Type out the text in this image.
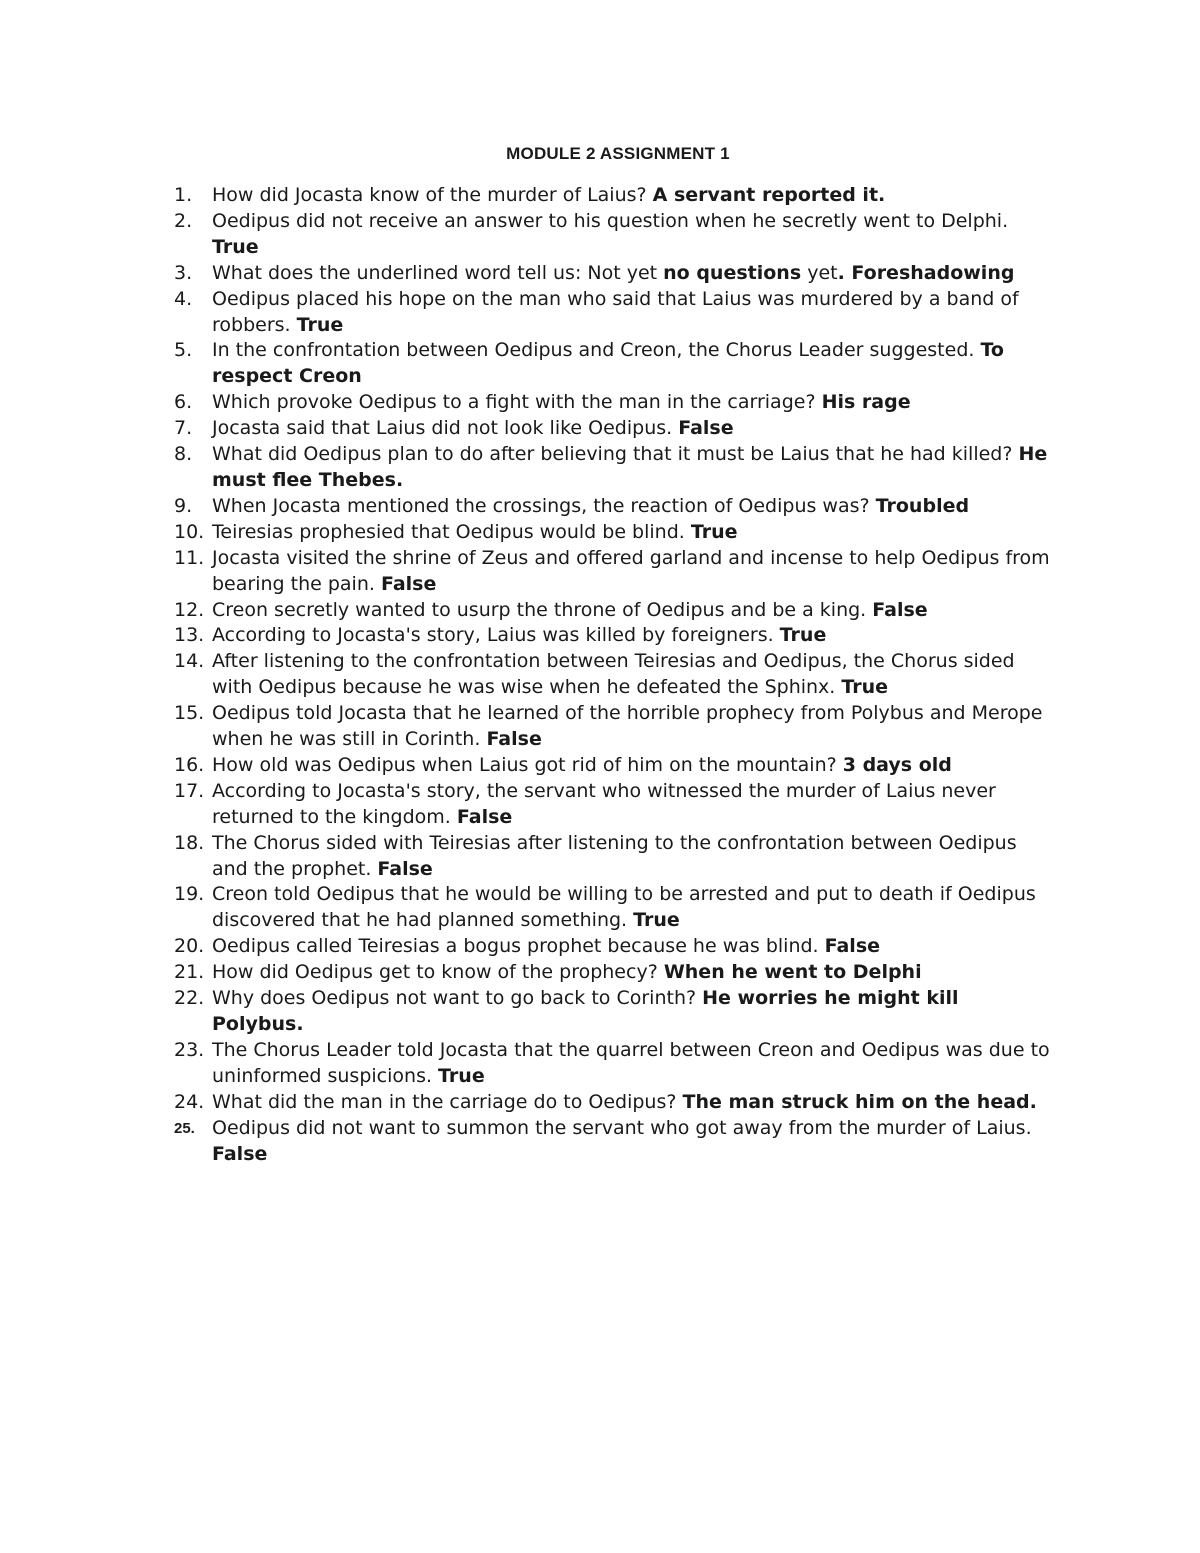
MODULE 2 ASSIGNMENT 1
1. How did Jocasta know of the murder of Laius? A servant reported it.
2. Oedipus did not receive an answer to his question when he secretly went to Delphi. True
3. What does the underlined word tell us: Not yet no questions yet. Foreshadowing
4. Oedipus placed his hope on the man who said that Laius was murdered by a band of robbers. True
5. In the confrontation between Oedipus and Creon, the Chorus Leader suggested. To respect Creon
6. Which provoke Oedipus to a fight with the man in the carriage? His rage
7. Jocasta said that Laius did not look like Oedipus. False
8. What did Oedipus plan to do after believing that it must be Laius that he had killed? He must flee Thebes.
9. When Jocasta mentioned the crossings, the reaction of Oedipus was? Troubled
10. Teiresias prophesied that Oedipus would be blind. True
11. Jocasta visited the shrine of Zeus and offered garland and incense to help Oedipus from bearing the pain. False
12. Creon secretly wanted to usurp the throne of Oedipus and be a king. False
13. According to Jocasta's story, Laius was killed by foreigners. True
14. After listening to the confrontation between Teiresias and Oedipus, the Chorus sided with Oedipus because he was wise when he defeated the Sphinx. True
15. Oedipus told Jocasta that he learned of the horrible prophecy from Polybus and Merope when he was still in Corinth. False
16. How old was Oedipus when Laius got rid of him on the mountain? 3 days old
17. According to Jocasta's story, the servant who witnessed the murder of Laius never returned to the kingdom. False
18. The Chorus sided with Teiresias after listening to the confrontation between Oedipus and the prophet. False
19. Creon told Oedipus that he would be willing to be arrested and put to death if Oedipus discovered that he had planned something. True
20. Oedipus called Teiresias a bogus prophet because he was blind. False
21. How did Oedipus get to know of the prophecy? When he went to Delphi
22. Why does Oedipus not want to go back to Corinth? He worries he might kill Polybus.
23. The Chorus Leader told Jocasta that the quarrel between Creon and Oedipus was due to uninformed suspicions. True
24. What did the man in the carriage do to Oedipus? The man struck him on the head.
25. Oedipus did not want to summon the servant who got away from the murder of Laius. False
